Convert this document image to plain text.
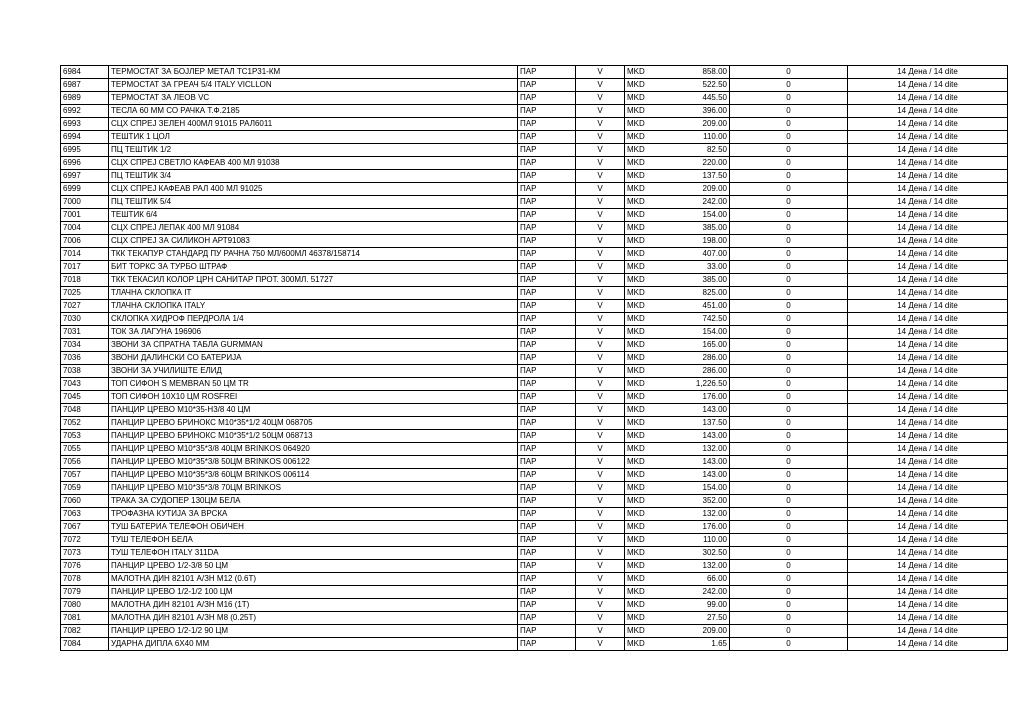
6984	ТЕРМОСТАТ ЗА БОЈЛЕР МЕТАЛ ТС1Р31-КМ	ПАР	V	MKD	858.00	0	14 Дена / 14 dite
6987	ТЕРМОСТАТ ЗА ГРЕАЧ 5/4 ITALY VICLLON	ПАР	V	MKD	522.50	0	14 Дена / 14 dite
6989	ТЕРМОСТАТ ЗА ЛЕОВ VC	ПАР	V	MKD	445.50	0	14 Дена / 14 dite
6992	ТЕСЛА 60 ММ СО РАЧКА Т.Ф.2185	ПАР	V	MKD	396.00	0	14 Дена / 14 dite
6993	СЦХ СПРЕЈ ЗЕЛЕН 400МЛ 91015 РАЛ6011	ПАР	V	MKD	209.00	0	14 Дена / 14 dite
6994	ТЕШТИК 1 ЦОЛ	ПАР	V	MKD	110.00	0	14 Дена / 14 dite
6995	ПЦ ТЕШТИК 1/2	ПАР	V	MKD	82.50	0	14 Дена / 14 dite
6996	СЦХ СПРЕЈ СВЕТЛО КАФЕАВ 400 МЛ 91038	ПАР	V	MKD	220.00	0	14 Дена / 14 dite
6997	ПЦ ТЕШТИК 3/4	ПАР	V	MKD	137.50	0	14 Дена / 14 dite
6999	СЦХ СПРЕЈ КАФЕАВ РАЛ 400 МЛ 91025	ПАР	V	MKD	209.00	0	14 Дена / 14 dite
7000	ПЦ ТЕШТИК 5/4	ПАР	V	MKD	242.00	0	14 Дена / 14 dite
7001	ТЕШТИК 6/4	ПАР	V	MKD	154.00	0	14 Дена / 14 dite
7004	СЦХ СПРЕЈ ЛЕПАК 400 МЛ 91084	ПАР	V	MKD	385.00	0	14 Дена / 14 dite
7006	СЦХ СПРЕЈ ЗА СИЛИКОН АРТ91083	ПАР	V	MKD	198.00	0	14 Дена / 14 dite
7014	ТКК ТЕКАПУР СТАНДАРД ПУ РАЧНА 750 МЛ/600МЛ 46378/158714	ПАР	V	MKD	407.00	0	14 Дена / 14 dite
7017	БИТ ТОРКС ЗА ТУРБО ШТРАФ	ПАР	V	MKD	33.00	0	14 Дена / 14 dite
7018	ТКК ТЕКАСИЛ КОЛОР ЦРН САНИТАР ПРОТ. 300МЛ. 51727	ПАР	V	MKD	385.00	0	14 Дена / 14 dite
7025	ТЛАЧНА СКЛОПКА IT	ПАР	V	MKD	825.00	0	14 Дена / 14 dite
7027	ТЛАЧНА СКЛОПКА ITALY	ПАР	V	MKD	451.00	0	14 Дена / 14 dite
7030	СКЛОПКА ХИДРОФ ПЕРДРОЛА 1/4	ПАР	V	MKD	742.50	0	14 Дена / 14 dite
7031	ТОК ЗА ЛАГУНА 196906	ПАР	V	MKD	154.00	0	14 Дена / 14 dite
7034	ЗВОНИ ЗА СПРАТНА ТАБЛА GURMMAN	ПАР	V	MKD	165.00	0	14 Дена / 14 dite
7036	ЗВОНИ ДАЛИНСКИ СО БАТЕРИЈА	ПАР	V	MKD	286.00	0	14 Дена / 14 dite
7038	ЗВОНИ ЗА УЧИЛИШТЕ ЕЛИД	ПАР	V	MKD	286.00	0	14 Дена / 14 dite
7043	ТОП СИФОН S MEMBRAN 50 ЦМ TR	ПАР	V	MKD	1,226.50	0	14 Дена / 14 dite
7045	ТОП СИФОН 10Х10 ЦМ ROSFREI	ПАР	V	MKD	176.00	0	14 Дена / 14 dite
7048	ПАНЦИР ЦРЕВО М10*35-Н3/8 40 ЦМ	ПАР	V	MKD	143.00	0	14 Дена / 14 dite
7052	ПАНЦИР ЦРЕВО БРИНОКС М10*35*1/2 40ЦМ 068705	ПАР	V	MKD	137.50	0	14 Дена / 14 dite
7053	ПАНЦИР ЦРЕВО БРИНОКС М10*35*1/2 50ЦМ 068713	ПАР	V	MKD	143.00	0	14 Дена / 14 dite
7055	ПАНЦИР ЦРЕВО М10*35*3/8 40ЦМ BRINKOS 064920	ПАР	V	MKD	132.00	0	14 Дена / 14 dite
7056	ПАНЦИР ЦРЕВО М10*35*3/8 50ЦМ BRINKOS 006122	ПАР	V	MKD	143.00	0	14 Дена / 14 dite
7057	ПАНЦИР ЦРЕВО М10*35*3/8 60ЦМ BRINKOS 006114	ПАР	V	MKD	143.00	0	14 Дена / 14 dite
7059	ПАНЦИР ЦРЕВО М10*35*3/8 70ЦМ BRINKOS	ПАР	V	MKD	154.00	0	14 Дена / 14 dite
7060	ТРАКА ЗА СУДОПЕР 130ЦМ БЕЛА	ПАР	V	MKD	352.00	0	14 Дена / 14 dite
7063	ТРОФАЗНА КУТИЈА ЗА ВРСКА	ПАР	V	MKD	132.00	0	14 Дена / 14 dite
7067	ТУШ БАТЕРИА ТЕЛЕФОН ОБИЧЕН	ПАР	V	MKD	176.00	0	14 Дена / 14 dite
7072	ТУШ ТЕЛЕФОН БЕЛА	ПАР	V	MKD	110.00	0	14 Дена / 14 dite
7073	ТУШ ТЕЛЕФОН ITALY 311DA	ПАР	V	MKD	302.50	0	14 Дена / 14 dite
7076	ПАНЦИР ЦРЕВО 1/2-3/8 50 ЦМ	ПАР	V	MKD	132.00	0	14 Дена / 14 dite
7078	МАЛОТНА ДИН 82101 А/ЗН М12 (0.6Т)	ПАР	V	MKD	66.00	0	14 Дена / 14 dite
7079	ПАНЦИР ЦРЕВО 1/2-1/2 100 ЦМ	ПАР	V	MKD	242.00	0	14 Дена / 14 dite
7080	МАЛОТНА ДИН 82101 А/ЗН М16 (1Т)	ПАР	V	MKD	99.00	0	14 Дена / 14 dite
7081	МАЛОТНА ДИН 82101 А/ЗН М8 (0.25Т)	ПАР	V	MKD	27.50	0	14 Дена / 14 dite
7082	ПАНЦИР ЦРЕВО 1/2-1/2 90 ЦМ	ПАР	V	MKD	209.00	0	14 Дена / 14 dite
7084	УДАРНА ДИПЛА 6Х40 ММ	ПАР	V	MKD	1.65	0	14 Дена / 14 dite
